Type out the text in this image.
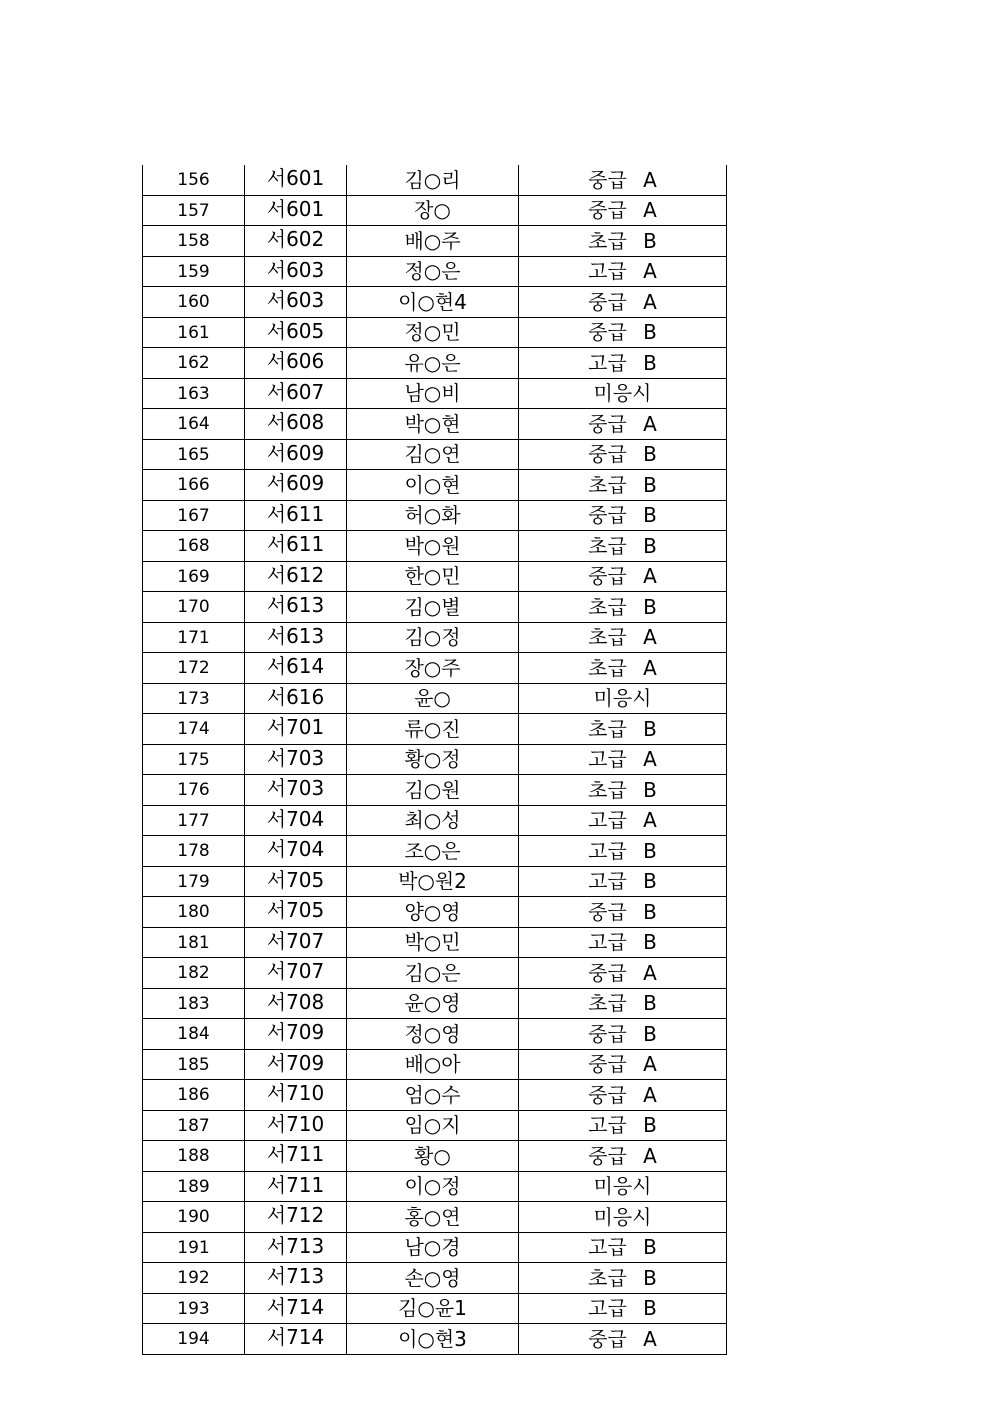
156	서601	김○리	중급 A
157	서601	장○	중급 A
158	서602	배○주	초급 B
159	서603	정○은	고급 A
160	서603	이○현4	중급 A
161	서605	정○민	중급 B
162	서606	유○은	고급 B
163	서607	남○비	미응시
164	서608	박○현	중급 A
165	서609	김○연	중급 B
166	서609	이○현	초급 B
167	서611	허○화	중급 B
168	서611	박○원	초급 B
169	서612	한○민	중급 A
170	서613	김○별	초급 B
171	서613	김○정	초급 A
172	서614	장○주	초급 A
173	서616	윤○	미응시
174	서701	류○진	초급 B
175	서703	황○정	고급 A
176	서703	김○원	초급 B
177	서704	최○성	고급 A
178	서704	조○은	고급 B
179	서705	박○원2	고급 B
180	서705	양○영	중급 B
181	서707	박○민	고급 B
182	서707	김○은	중급 A
183	서708	윤○영	초급 B
184	서709	정○영	중급 B
185	서709	배○아	중급 A
186	서710	엄○수	중급 A
187	서710	임○지	고급 B
188	서711	황○	중급 A
189	서711	이○정	미응시
190	서712	홍○연	미응시
191	서713	남○경	고급 B
192	서713	손○영	초급 B
193	서714	김○윤1	고급 B
194	서714	이○현3	중급 A
